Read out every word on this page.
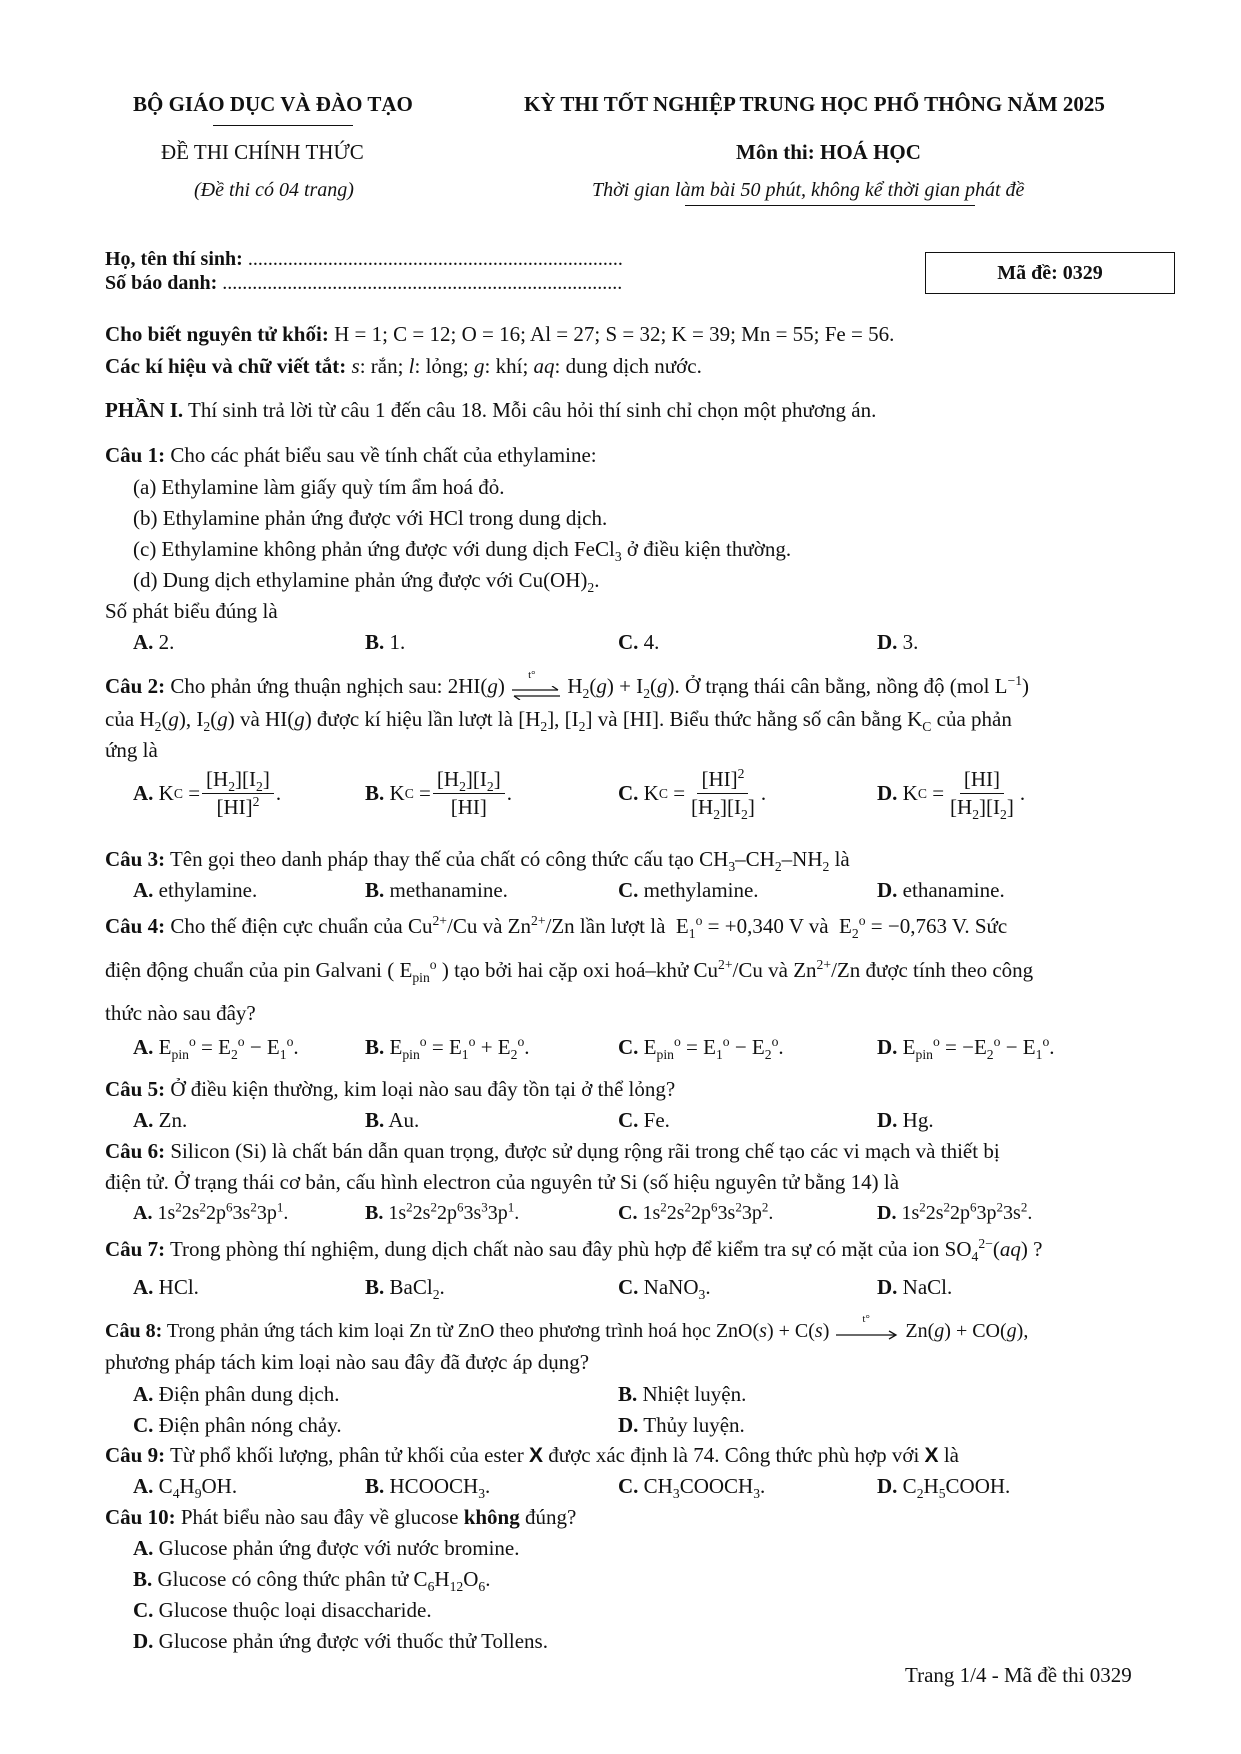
BỘ GIÁO DỤC VÀ ĐÀO TẠO
ĐỀ THI CHÍNH THỨC
(Đề thi có 04 trang)
KỲ THI TỐT NGHIỆP TRUNG HỌC PHỔ THÔNG NĂM 2025
Môn thi: HOÁ HỌC
Thời gian làm bài 50 phút, không kể thời gian phát đề
Họ, tên thí sinh: ...........................................................................
Số báo danh: ................................................................................	Mã đề: 0329
Cho biết nguyên tử khối: H = 1; C = 12; O = 16; Al = 27; S = 32; K = 39; Mn = 55; Fe = 56.
Các kí hiệu và chữ viết tắt: s: rắn; l: lỏng; g: khí; aq: dung dịch nước.
PHẦN I. Thí sinh trả lời từ câu 1 đến câu 18. Mỗi câu hỏi thí sinh chỉ chọn một phương án.
Câu 1: Cho các phát biểu sau về tính chất của ethylamine:
(a) Ethylamine làm giấy quỳ tím ẩm hoá đỏ.
(b) Ethylamine phản ứng được với HCl trong dung dịch.
(c) Ethylamine không phản ứng được với dung dịch FeCl$_3$ ở điều kiện thường.
(d) Dung dịch ethylamine phản ứng được với $Cu(OH)_2$.
Số phát biểu đúng là
A. 2.	B. 1.	C. 4.	D. 3.
Câu 2: Cho phản ứng thuận nghịch sau: 2HI(g) t° $H_2(g) + I_2(g)$. Ở trạng thái cân bằng, nồng độ (mol $L^{-1}$)
của $H_2(g)$, $I_2(g)$ và HI(g) được kí hiệu lần lượt là $[H_2]$, $[I_2]$ và [HI]. Biểu thức hằng số cân bằng $K_C$ của phản
ứng là
A. K $C = \frac{[H_2][I_2]}{[HI]^2}$ .	B. K $C = \frac{[H_2][I_2]}{[HI]}$ .	C. K $C = \frac{[HI]^2}{[H_2][I_2]}$ .	D. K $C = \frac{[HI]}{[H_2][I_2]}$ .
Câu 3: Tên gọi theo danh pháp thay thế của chất có công thức cấu tạo $CH_3-CH_2-NH_2$ là
A. ethylamine.	B. methanamine.	C. methylamine.	D. ethanamine.
Câu 4: Cho thế điện cực chuẩn của $Cu^{2+}/Cu$ và $Zn^{2+}/Zn$ lần lượt là  $E_1^o = +0,340$ V và  $E_2^o = -0,763$ V. Sức
điện động chuẩn của pin Galvani ( $E_{pin}^o$ ) tạo bởi hai cặp oxi hoá–khử $Cu^{2+}/Cu$ và $Zn^{2+}/Zn$ được tính theo công
thức nào sau đây?
A. $E_{pin}^o = E_2^o - E_1^o$.	B. $E_{pin}^o = E_1^o + E_2^o$.	C. $E_{pin}^o = E_1^o - E_2^o$.	D. $E_{pin}^o = -E_2^o - E_1^o$.
Câu 5: Ở điều kiện thường, kim loại nào sau đây tồn tại ở thể lỏng?
A. Zn.	B. Au.	C. Fe.	D. Hg.
Câu 6: Silicon (Si) là chất bán dẫn quan trọng, được sử dụng rộng rãi trong chế tạo các vi mạch và thiết bị
điện tử. Ở trạng thái cơ bản, cấu hình electron của nguyên tử Si (số hiệu nguyên tử bằng 14) là
A. $1s^22s^22p^63s^23p^1$.	B. $1s^22s^22p^63s^33p^1$.	C. $1s^22s^22p^63s^23p^2$.	D. $1s^22s^22p^63p^23s^2$.
Câu 7: Trong phòng thí nghiệm, dung dịch chất nào sau đây phù hợp để kiểm tra sự có mặt của ion $SO_4^{2-}(aq)$ ?
A. HCl.	B. BaCl$_2$.	C. NaNO$_3$.	D. NaCl.
Câu 8: Trong phản ứng tách kim loại Zn từ ZnO theo phương trình hoá học ZnO(s) + C(s)
t°
Zn(g) + CO(g),
phương pháp tách kim loại nào sau đây đã được áp dụng?
A. Điện phân dung dịch.	B. Nhiệt luyện.
C. Điện phân nóng chảy.	D. Thủy luyện.
Câu 9: Từ phổ khối lượng, phân tử khối của ester X được xác định là 74. Công thức phù hợp với X là
A. $C_4H_9OH$.	B. $HCOOCH_3$.	C. $CH_3COOCH_3$.	D. $C_2H_5COOH$.
Câu 10: Phát biểu nào sau đây về glucose không đúng?
A. Glucose phản ứng được với nước bromine.
B. Glucose có công thức phân tử $C_6H_{12}O_6$.
C. Glucose thuộc loại disaccharide.
D. Glucose phản ứng được với thuốc thử Tollens.
Trang 1/4 - Mã đề thi 0329
